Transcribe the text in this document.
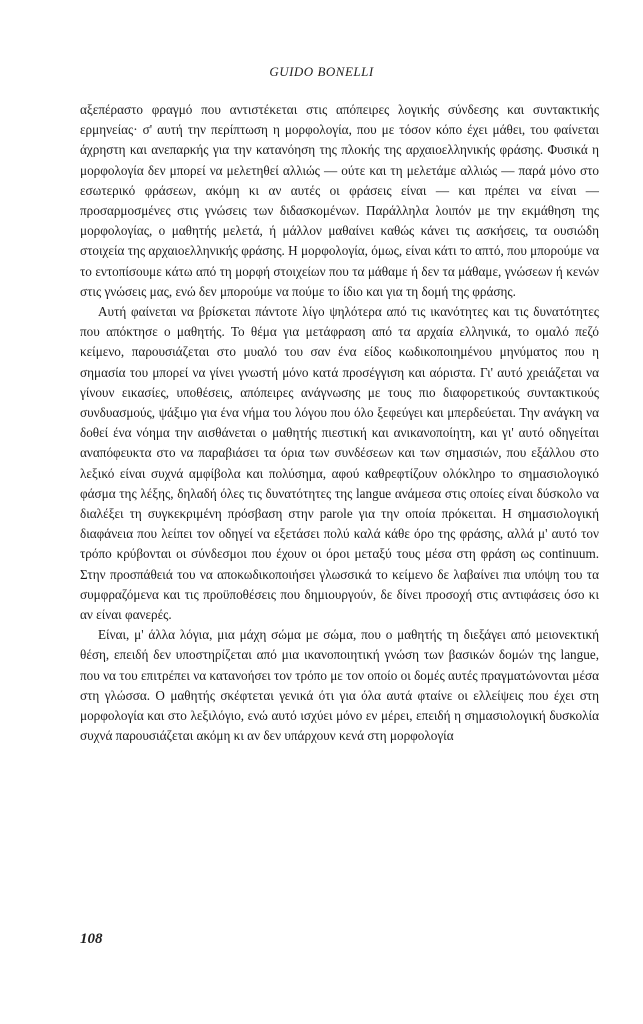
GUIDO BONELLI

αξεπέραστο φραγμό που αντιστέκεται στις απόπειρες λογικής σύνδεσης και συντακτικής ερμηνείας· σ' αυτή την περίπτωση η μορφολογία, που με τόσον κόπο έχει μάθει, του φαίνεται άχρηστη και ανεπαρκής για την κατανόηση της πλοκής της αρχαιοελληνικής φράσης. Φυσικά η μορφολογία δεν μπορεί να μελετηθεί αλλιώς — ούτε και τη μελετάμε αλλιώς — παρά μόνο στο εσωτερικό φράσεων, ακόμη κι αν αυτές οι φράσεις είναι — και πρέπει να είναι — προσαρμοσμένες στις γνώσεις των διδασκομένων. Παράλληλα λοιπόν με την εκμάθηση της μορφολογίας, ο μαθητής μελετά, ή μάλλον μαθαίνει καθώς κάνει τις ασκήσεις, τα ουσιώδη στοιχεία της αρχαιοελληνικής φράσης. Η μορφολογία, όμως, είναι κάτι το απτό, που μπορούμε να το εντοπίσουμε κάτω από τη μορφή στοιχείων που τα μάθαμε ή δεν τα μάθαμε, γνώσεων ή κενών στις γνώσεις μας, ενώ δεν μπορούμε να πούμε το ίδιο και για τη δομή της φράσης.

Αυτή φαίνεται να βρίσκεται πάντοτε λίγο ψηλότερα από τις ικανότητες και τις δυνατότητες που απόκτησε ο μαθητής. Το θέμα για μετάφραση από τα αρχαία ελληνικά, το ομαλό πεζό κείμενο, παρουσιάζεται στο μυαλό του σαν ένα είδος κωδικοποιημένου μηνύματος που η σημασία του μπορεί να γίνει γνωστή μόνο κατά προσέγγιση και αόριστα. Γι' αυτό χρειάζεται να γίνουν εικασίες, υποθέσεις, απόπειρες ανάγνωσης με τους πιο διαφορετικούς συντακτικούς συνδυασμούς, ψάξιμο για ένα νήμα του λόγου που όλο ξεφεύγει και μπερδεύεται. Την ανάγκη να δοθεί ένα νόημα την αισθάνεται ο μαθητής πιεστική και ανικανοποίητη, και γι' αυτό οδηγείται αναπόφευκτα στο να παραβιάσει τα όρια των συνδέσεων και των σημασιών, που εξάλλου στο λεξικό είναι συχνά αμφίβολα και πολύσημα, αφού καθρεφτίζουν ολόκληρο το σημασιολογικό φάσμα της λέξης, δηλαδή όλες τις δυνατότητες της langue ανάμεσα στις οποίες είναι δύσκολο να διαλέξει τη συγκεκριμένη πρόσβαση στην parole για την οποία πρόκειται. Η σημασιολογική διαφάνεια που λείπει τον οδηγεί να εξετάσει πολύ καλά κάθε όρο της φράσης, αλλά μ' αυτό τον τρόπο κρύβονται οι σύνδεσμοι που έχουν οι όροι μεταξύ τους μέσα στη φράση ως continuum. Στην προσπάθειά του να αποκωδικοποιήσει γλωσσικά το κείμενο δε λαβαίνει πια υπόψη του τα συμφραζόμενα και τις προϋποθέσεις που δημιουργούν, δε δίνει προσοχή στις αντιφάσεις όσο κι αν είναι φανερές.

Είναι, μ' άλλα λόγια, μια μάχη σώμα με σώμα, που ο μαθητής τη διεξάγει από μειονεκτική θέση, επειδή δεν υποστηρίζεται από μια ικανοποιητική γνώση των βασικών δομών της langue, που να του επιτρέπει να κατανοήσει τον τρόπο με τον οποίο οι δομές αυτές πραγματώνονται μέσα στη γλώσσα. Ο μαθητής σκέφτεται γενικά ότι για όλα αυτά φταίνε οι ελλείψεις που έχει στη μορφολογία και στο λεξιλόγιο, ενώ αυτό ισχύει μόνο εν μέρει, επειδή η σημασιολογική δυσκολία συχνά παρουσιάζεται ακόμη κι αν δεν υπάρχουν κενά στη μορφολογία

108
